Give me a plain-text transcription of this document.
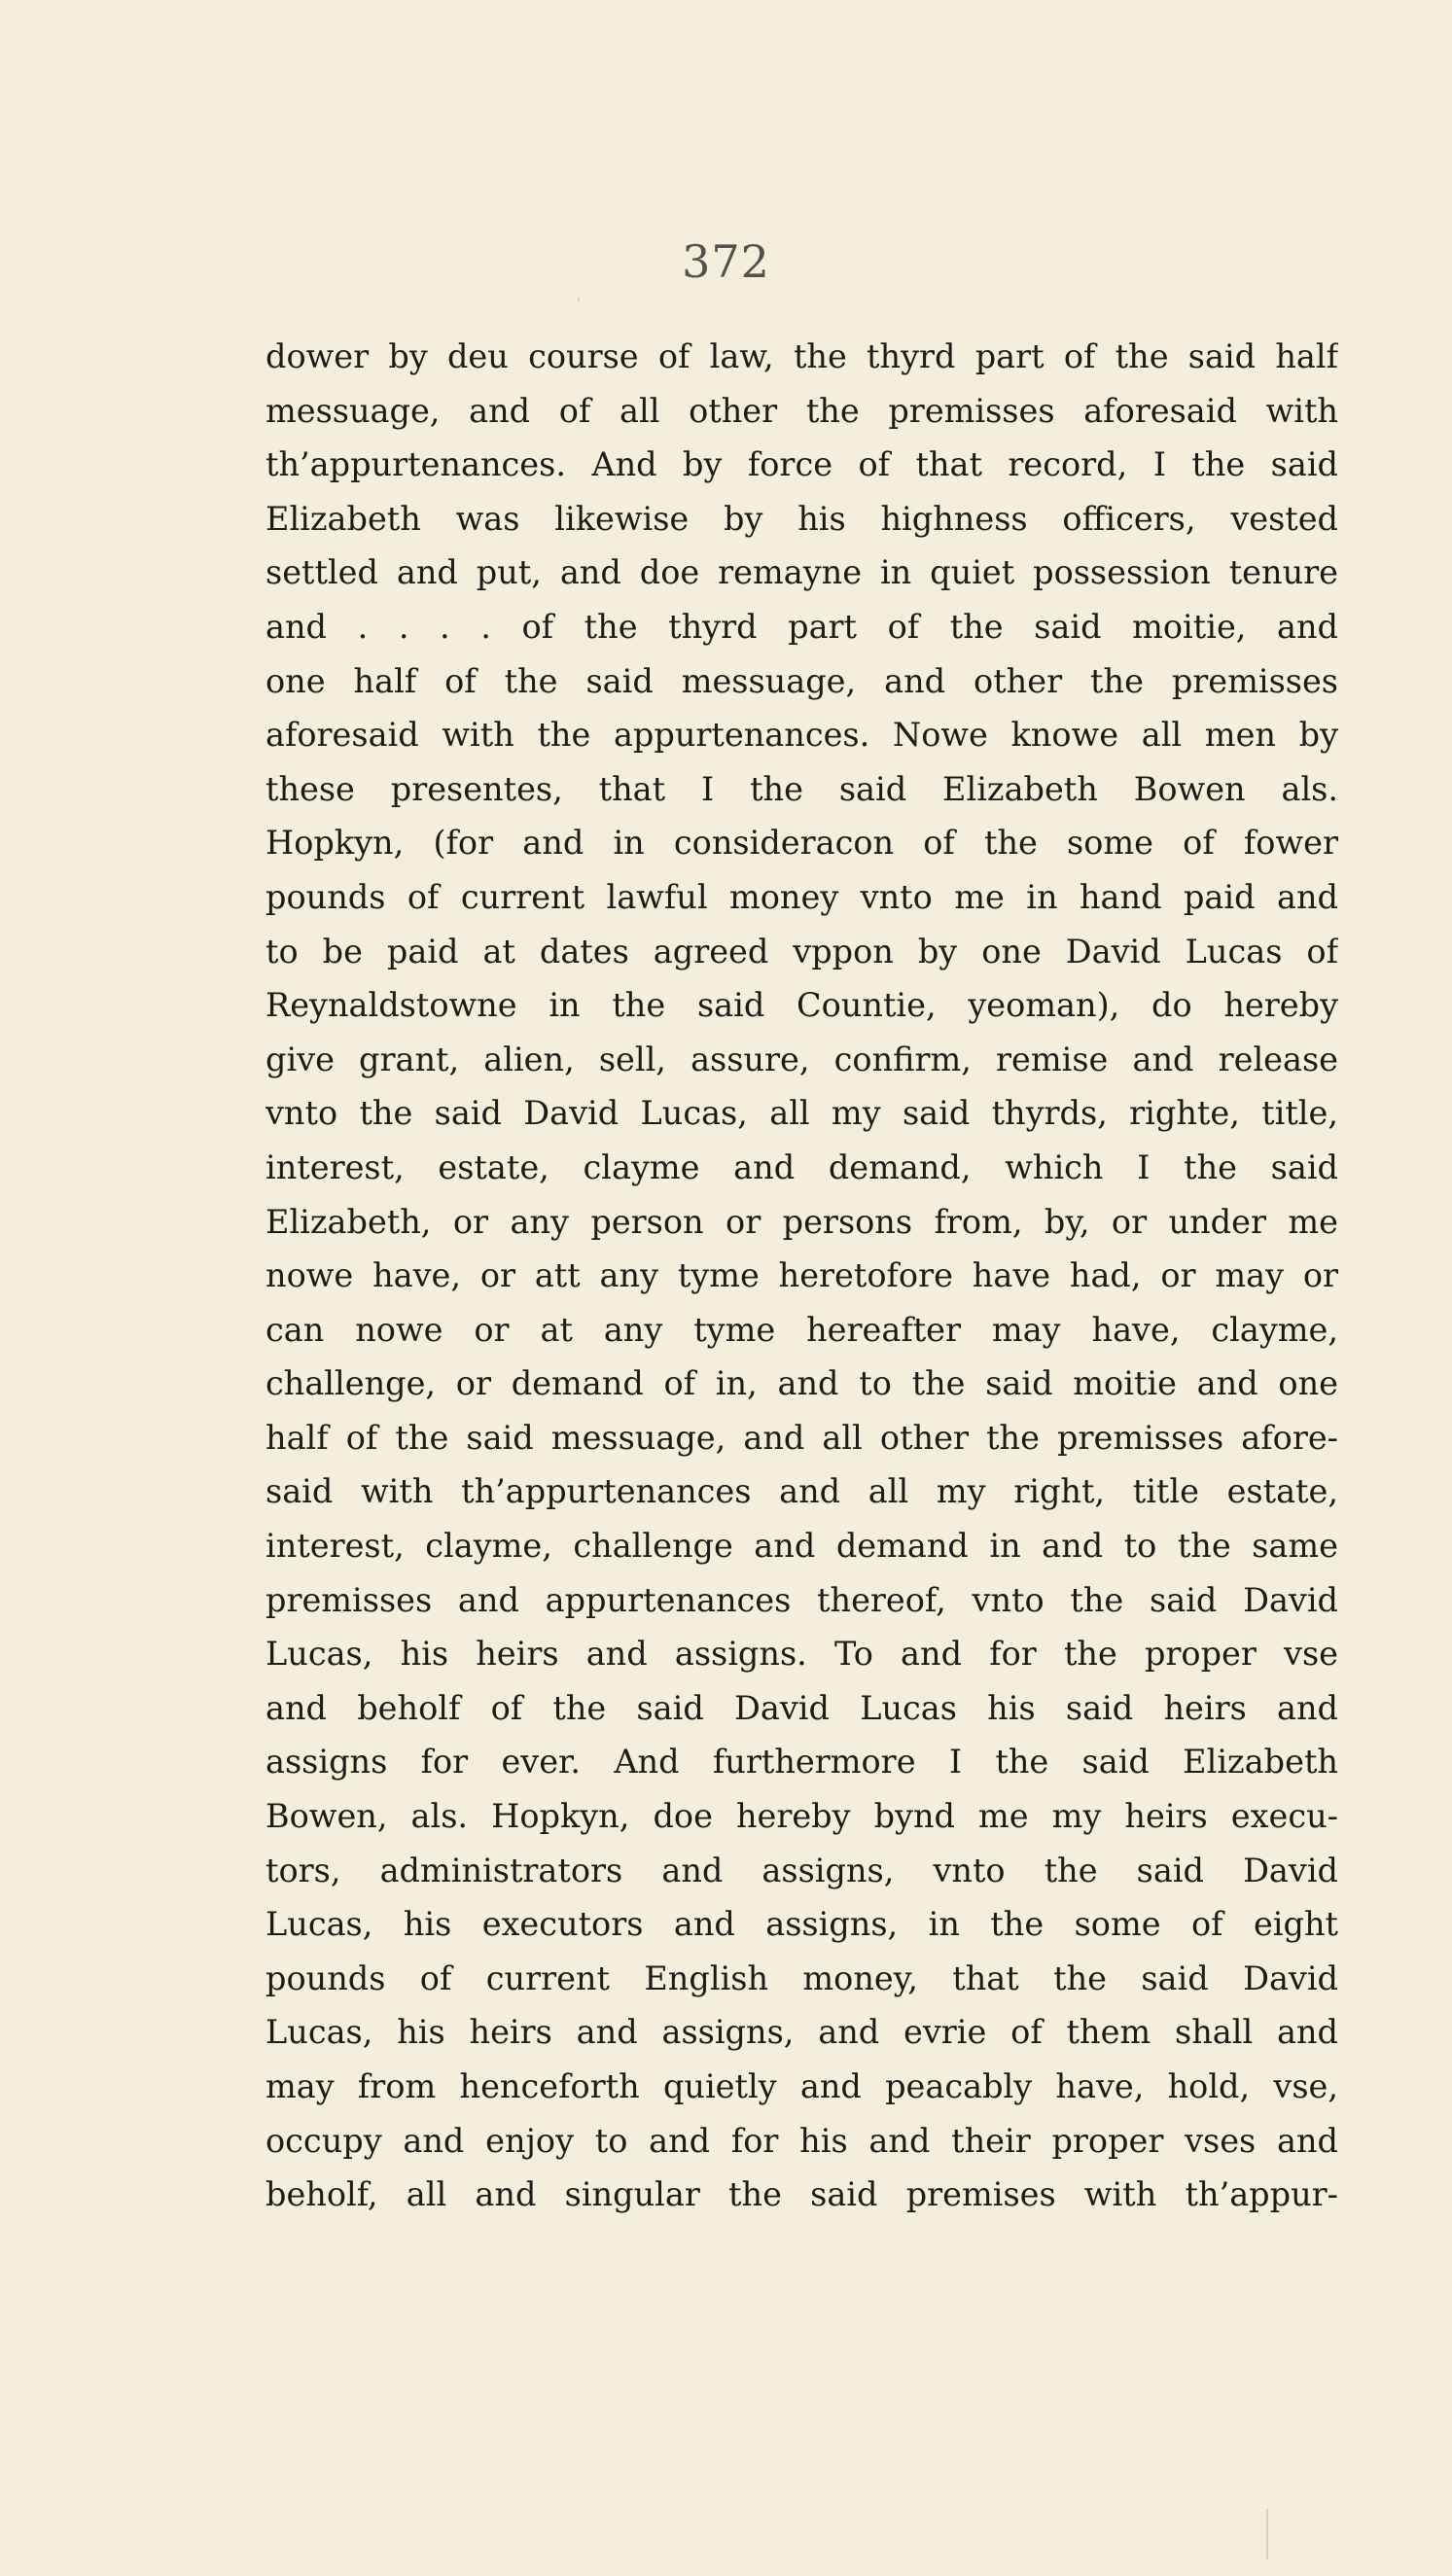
372
dower by deu course of law, the thyrd part of the said half
messuage, and of all other the premisses aforesaid with
th’appurtenances. And by force of that record, I the said
Elizabeth was likewise by his highness officers, vested
settled and put, and doe remayne in quiet possession tenure
and . . . . of the thyrd part of the said moitie, and
one half of the said messuage, and other the premisses
aforesaid with the appurtenances. Nowe knowe all men by
these presentes, that I the said Elizabeth Bowen als.
Hopkyn, (for and in consideracon of the some of fower
pounds of current lawful money vnto me in hand paid and
to be paid at dates agreed vppon by one David Lucas of
Reynaldstowne in the said Countie, yeoman), do hereby
give grant, alien, sell, assure, confirm, remise and release
vnto the said David Lucas, all my said thyrds, righte, title,
interest, estate, clayme and demand, which I the said
Elizabeth, or any person or persons from, by, or under me
nowe have, or att any tyme heretofore have had, or may or
can nowe or at any tyme hereafter may have, clayme,
challenge, or demand of in, and to the said moitie and one
half of the said messuage, and all other the premisses afore-
said with th’appurtenances and all my right, title estate,
interest, clayme, challenge and demand in and to the same
premisses and appurtenances thereof, vnto the said David
Lucas, his heirs and assigns. To and for the proper vse
and beholf of the said David Lucas his said heirs and
assigns for ever. And furthermore I the said Elizabeth
Bowen, als. Hopkyn, doe hereby bynd me my heirs execu-
tors, administrators and assigns, vnto the said David
Lucas, his executors and assigns, in the some of eight
pounds of current English money, that the said David
Lucas, his heirs and assigns, and evrie of them shall and
may from henceforth quietly and peacably have, hold, vse,
occupy and enjoy to and for his and their proper vses and
beholf, all and singular the said premises with th’appur-
